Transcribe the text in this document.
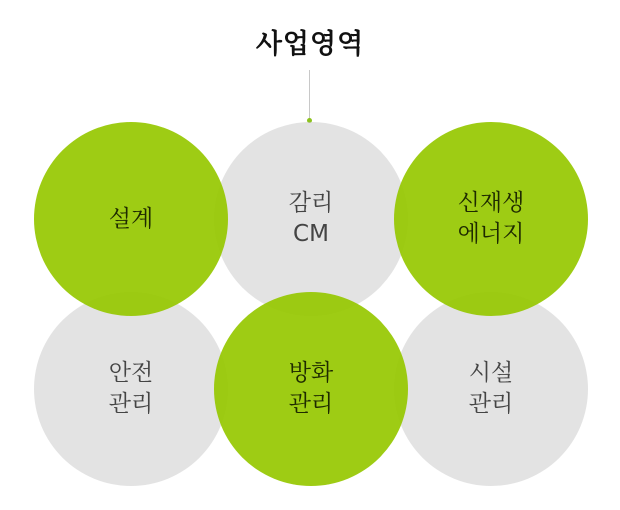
사업영역
감리
CM
안전
관리
시설
관리
설계
신재생
에너지
방화
관리
